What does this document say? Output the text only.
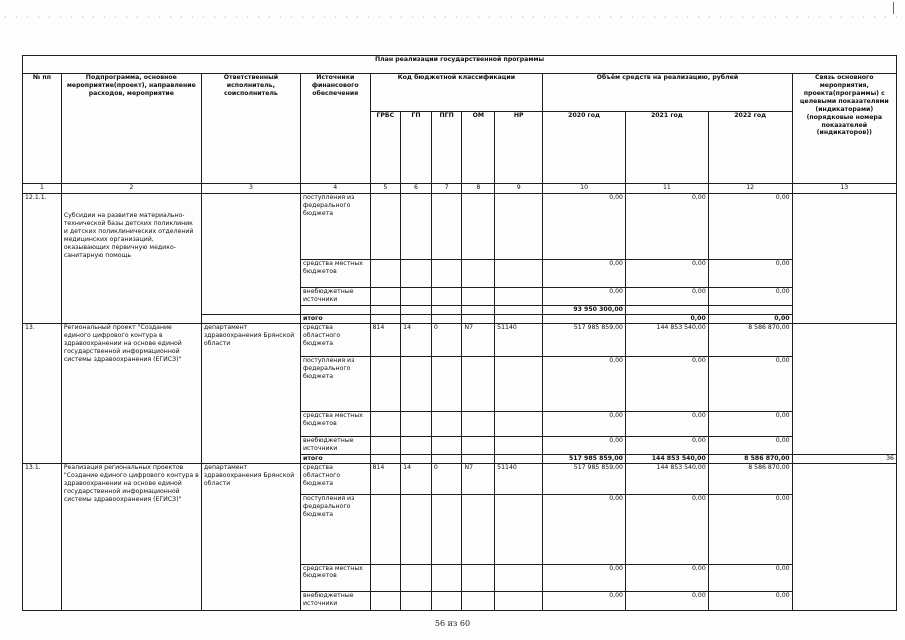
План реализации государственной программы												
№ пп	Подпрограмма, основное мероприятие(проект), направление расходов, мероприятие	Ответственный исполнитель, соисполнитель	Источники финансового обеспечения	Код бюджетной классификации					Объём средств на реализацию, рублей			Связь основного мероприятия, проекта(программы) с целевыми показателями (индикаторами) (порядковые номера показателей (индикаторов))
				ГРБС	ГП	ПГП	ОМ	НР	2020 год	2021 год	2022 год	
1	2	3	4	5	6	7	8	9	10	11	12	13
12.1.1.	Субсидии на развитие материально-технической базы детских поликлиник и детских поликлинических отделений медицинских организаций, оказывающих первичную медико-санитарную помощь		поступления из федерального бюджета						0,00	0,00	0,00	
			средства местных бюджетов						0,00	0,00	0,00	
			внебюджетные источники						0,00	0,00	0,00	
									93 950 300,00			
			итого							0,00	0,00	
13.	Региональный проект "Создание единого цифрового контура в здравоохранении на основе единой государственной информационной системы здравоохранения (ЕГИСЗ)"	департамент здравоохранения Брянской области	средства областного бюджета	814	14	0	N7	51140	517 985 859,00	144 853 540,00	8 586 870,00	
			поступления из федерального бюджета						0,00	0,00	0,00	
			средства местных бюджетов						0,00	0,00	0,00	
			внебюджетные источники						0,00	0,00	0,00	
			итого						517 985 859,00	144 853 540,00	8 586 870,00	36
13.1.	Реализация региональных проектов "Создание единого цифрового контура в здравоохранении на основе единой государственной информационной системы здравоохранения (ЕГИСЗ)"	департамент здравоохранения Брянской области	средства областного бюджета	814	14	0	N7	51140	517 985 859,00	144 853 540,00	8 586 870,00	
			поступления из федерального бюджета						0,00	0,00	0,00	
			средства местных бюджетов						0,00	0,00	0,00	
			внебюджетные источники						0,00	0,00	0,00	
56 из 60
